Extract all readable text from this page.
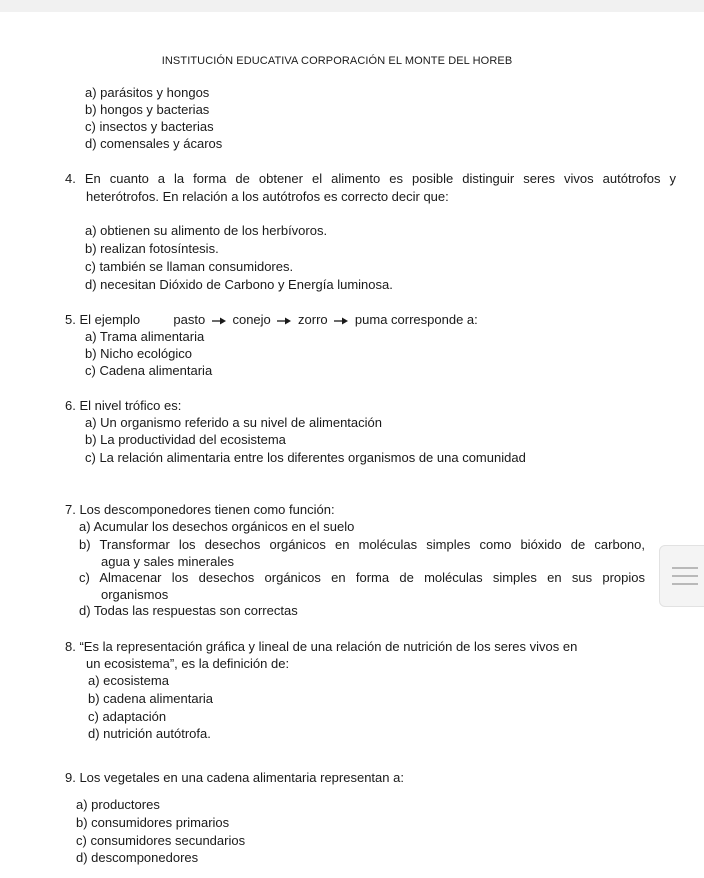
INSTITUCIÓN EDUCATIVA CORPORACIÓN EL MONTE DEL HOREB
a) parásitos y hongos
b) hongos y bacterias
c) insectos y bacterias
d) comensales y ácaros
4. En cuanto a la forma de obtener el alimento es posible distinguir seres vivos autótrofos y
heterótrofos. En relación a los autótrofos es correcto decir que:
a) obtienen su alimento de los herbívoros.
b) realizan fotosíntesis.
c) también se llaman consumidores.
d) necesitan Dióxido de Carbono y Energía luminosa.
5. El ejemplo	pasto conejo zorro puma corresponde a:
a) Trama alimentaria
b) Nicho ecológico
c) Cadena alimentaria
6. El nivel trófico es:
a) Un organismo referido a su nivel de alimentación
b) La productividad del ecosistema
c) La relación alimentaria entre los diferentes organismos de una comunidad
7. Los descomponedores tienen como función:
a) Acumular los desechos orgánicos en el suelo
b) Transformar los desechos orgánicos en moléculas simples como bióxido de carbono,
agua y sales minerales
c) Almacenar los desechos orgánicos en forma de moléculas simples en sus propios
organismos
d) Todas las respuestas son correctas
8. “Es la representación gráfica y lineal de una relación de nutrición de los seres vivos en
un ecosistema”, es la definición de:
a) ecosistema
b) cadena alimentaria
c) adaptación
d) nutrición autótrofa.
9. Los vegetales en una cadena alimentaria representan a:
a) productores
b) consumidores primarios
c) consumidores secundarios
d) descomponedores
